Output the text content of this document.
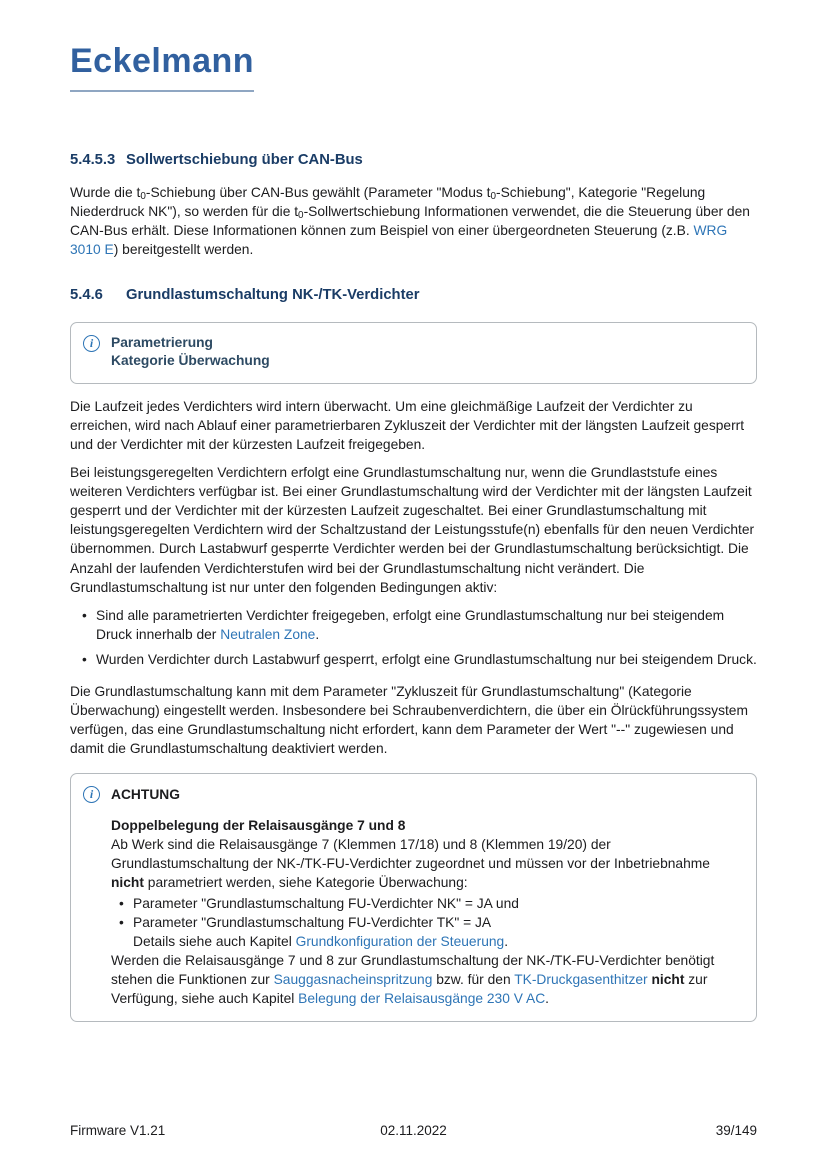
Eckelmann
5.4.5.3 Sollwertschiebung über CAN-Bus

Wurde die $t_0$-Schiebung über CAN-Bus gewählt (Parameter "Modus $t_0$-Schiebung", Kategorie "Regelung Niederdruck NK"), so werden für die $t_0$-Sollwertschiebung Informationen verwendet, die die Steuerung über den CAN-Bus erhält. Diese Informationen können zum Beispiel von einer übergeordneten Steuerung (z.B. WRG 3010 E) bereitgestellt werden.

5.4.6	Grundlastumschaltung NK-/TK-Verdichter
i	Parametrierung
Kategorie Überwachung

Die Laufzeit jedes Verdichters wird intern überwacht. Um eine gleichmäßige Laufzeit der Verdichter zu erreichen, wird nach Ablauf einer parametrierbaren Zykluszeit der Verdichter mit der längsten Laufzeit gesperrt und der Verdichter mit der kürzesten Laufzeit freigegeben.

Bei leistungsgeregelten Verdichtern erfolgt eine Grundlastumschaltung nur, wenn die Grundlaststufe eines weiteren Verdichters verfügbar ist. Bei einer Grundlastumschaltung wird der Verdichter mit der längsten Laufzeit gesperrt und der Verdichter mit der kürzesten Laufzeit zugeschaltet. Bei einer Grundlastumschaltung mit leistungsgeregelten Verdichtern wird der Schaltzustand der Leistungsstufe(n) ebenfalls für den neuen Verdichter übernommen. Durch Lastabwurf gesperrte Verdichter werden bei der Grundlastumschaltung berücksichtigt. Die Anzahl der laufenden Verdichterstufen wird bei der Grundlastumschaltung nicht verändert. Die Grundlastumschaltung ist nur unter den folgenden Bedingungen aktiv:

• Sind alle parametrierten Verdichter freigegeben, erfolgt eine Grundlastumschaltung nur bei steigendem Druck innerhalb der Neutralen Zone.
• Wurden Verdichter durch Lastabwurf gesperrt, erfolgt eine Grundlastumschaltung nur bei steigendem Druck.

Die Grundlastumschaltung kann mit dem Parameter "Zykluszeit für Grundlastumschaltung" (Kategorie Überwachung) eingestellt werden. Insbesondere bei Schraubenverdichtern, die über ein Ölrückführungssystem verfügen, das eine Grundlastumschaltung nicht erfordert, kann dem Parameter der Wert "--" zugewiesen und damit die Grundlastumschaltung deaktiviert werden.

i	ACHTUNG
Doppelbelegung der Relaisausgänge 7 und 8
Ab Werk sind die Relaisausgänge 7 (Klemmen 17/18) und 8 (Klemmen 19/20) der Grundlastumschaltung der NK-/TK-FU-Verdichter zugeordnet und müssen vor der Inbetriebnahme nicht parametriert werden, siehe Kategorie Überwachung:
• Parameter "Grundlastumschaltung FU-Verdichter NK" = JA und
• Parameter "Grundlastumschaltung FU-Verdichter TK" = JA
Details siehe auch Kapitel Grundkonfiguration der Steuerung.
Werden die Relaisausgänge 7 und 8 zur Grundlastumschaltung der NK-/TK-FU-Verdichter benötigt stehen die Funktionen zur Sauggasnacheinspritzung bzw. für den TK-Druckgasenthitzer nicht zur Verfügung, siehe auch Kapitel Belegung der Relaisausgänge 230 V AC.
Firmware V1.21	02.11.2022	39/149
